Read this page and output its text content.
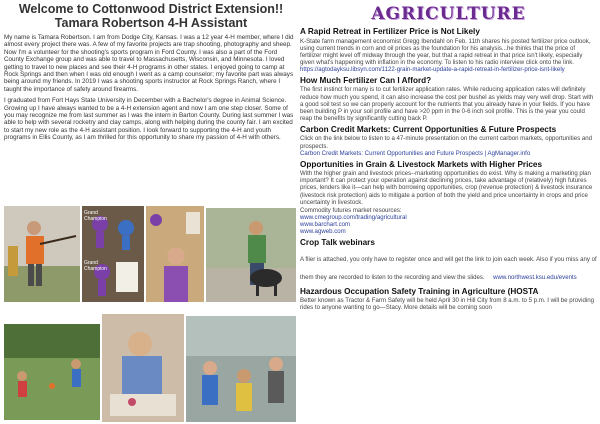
Welcome to Cottonwood District Extension!!
Tamara Robertson 4-H Assistant

My name is Tamara Robertson. I am from Dodge City, Kansas. I was a 12 year 4-H member, where I did almost every project there was. A few of my favorite projects are trap shooting, photography and sheep. Now I'm a volunteer for the shooting's sports program in Ford County. I was also a part of the Ford County Exchange group and was able to travel to Massachusetts, Wisconsin, and Minnesota. I loved getting to travel to new places and see their 4-H programs in other states. I enjoyed going to camp at Rock Springs and then when I was old enough I went as a camp counselor; my favorite part was always being around my friends. In 2019 I was a shooting sports instructor at Rock Springs Ranch, where I taught the importance of safety around firearms.

I graduated from Fort Hays State University in December with a Bachelor's degree in Animal Science. Growing up I have always wanted to be a 4-H extension agent and now I am one step closer. Some of you may recognize me from last summer as I was the intern in Barton County. During last summer I was able to help with several rocketry and clay camps, along with helping during the county fair. I am excited to start my new role as the 4-H assistant position. I look forward to supporting the 4-H and youth programs in Ellis County, as I am thrilled for this opportunity to share my passion of 4-H with others.

Grand Champion
Grand Champion
AGRICULTURE
A Rapid Retreat in Fertilizer Price is Not Likely

K-State farm management economist Gregg Ibendahl on Feb. 11th shares his posted fertilizer price outlook, using current trends in corn and oil prices as the foundation for his analysis...he thinks that the price of fertilizer might level off midway through the year, but that a rapid retreat in that price isn't likely, especially given what's happening with inflation in the economy. To listen to his radio interview click onto the link.

https://agtodayksu.libsyn.com/1122-grain-market-update-a-rapid-retreat-in-fertilizer-price-isnt-likely
How Much Fertilizer Can I Afford?

The first instinct for many is to cut fertilizer application rates. While reducing application rates will definitely reduce how much you spend, it can also increase the cost per bushel as yields may very well drop. Start with a good soil test so we can properly account for the nutrients that you already have in your fields. If you have been building P in your soil profile and have >20 ppm in the 0-6 inch soil profile. This is the year you could reap the benefits by significantly cutting back P.

Carbon Credit Markets: Current Opportunities & Future Prospects

Click on the link below to listen to a 47-minute presentation on the current carbon markets, opportunities and prospects.

Carbon Credit Markets: Current Opportunities and Future Prospects | AgManager.info
Opportunities in Grain & Livestock Markets with Higher Prices

With the higher grain and livestock prices--marketing opportunities do exist. Why is making a marketing plan important? It can protect your operation against declining prices, take advantage of (relatively) high futures prices, lenders like it—can help with borrowing opportunities, crop (revenue protection) & livestock insurance (livestock risk protection) aids to mitigate a portion of both the yield and price uncertainty in crops and price uncertainty in livestock.

Commodity futures market resources:

www.cmegroup.com/trading/agricultural
www.barchart.com
www.agweb.com
Crop Talk webinars

A flier is attached, you only have to register once and will get the link to join each week. Also if you miss any of them they are recorded to listen to the recording and view the slides. www.northwest.ksu.edu/events
Hazardous Occupation Safety Training in Agriculture (HOSTA

Better known as Tractor & Farm Safety will be held April 30 in Hill City from 8 a.m. to 5 p.m. I will be providing rides to anyone wanting to go—Stacy. More details will be coming soon
